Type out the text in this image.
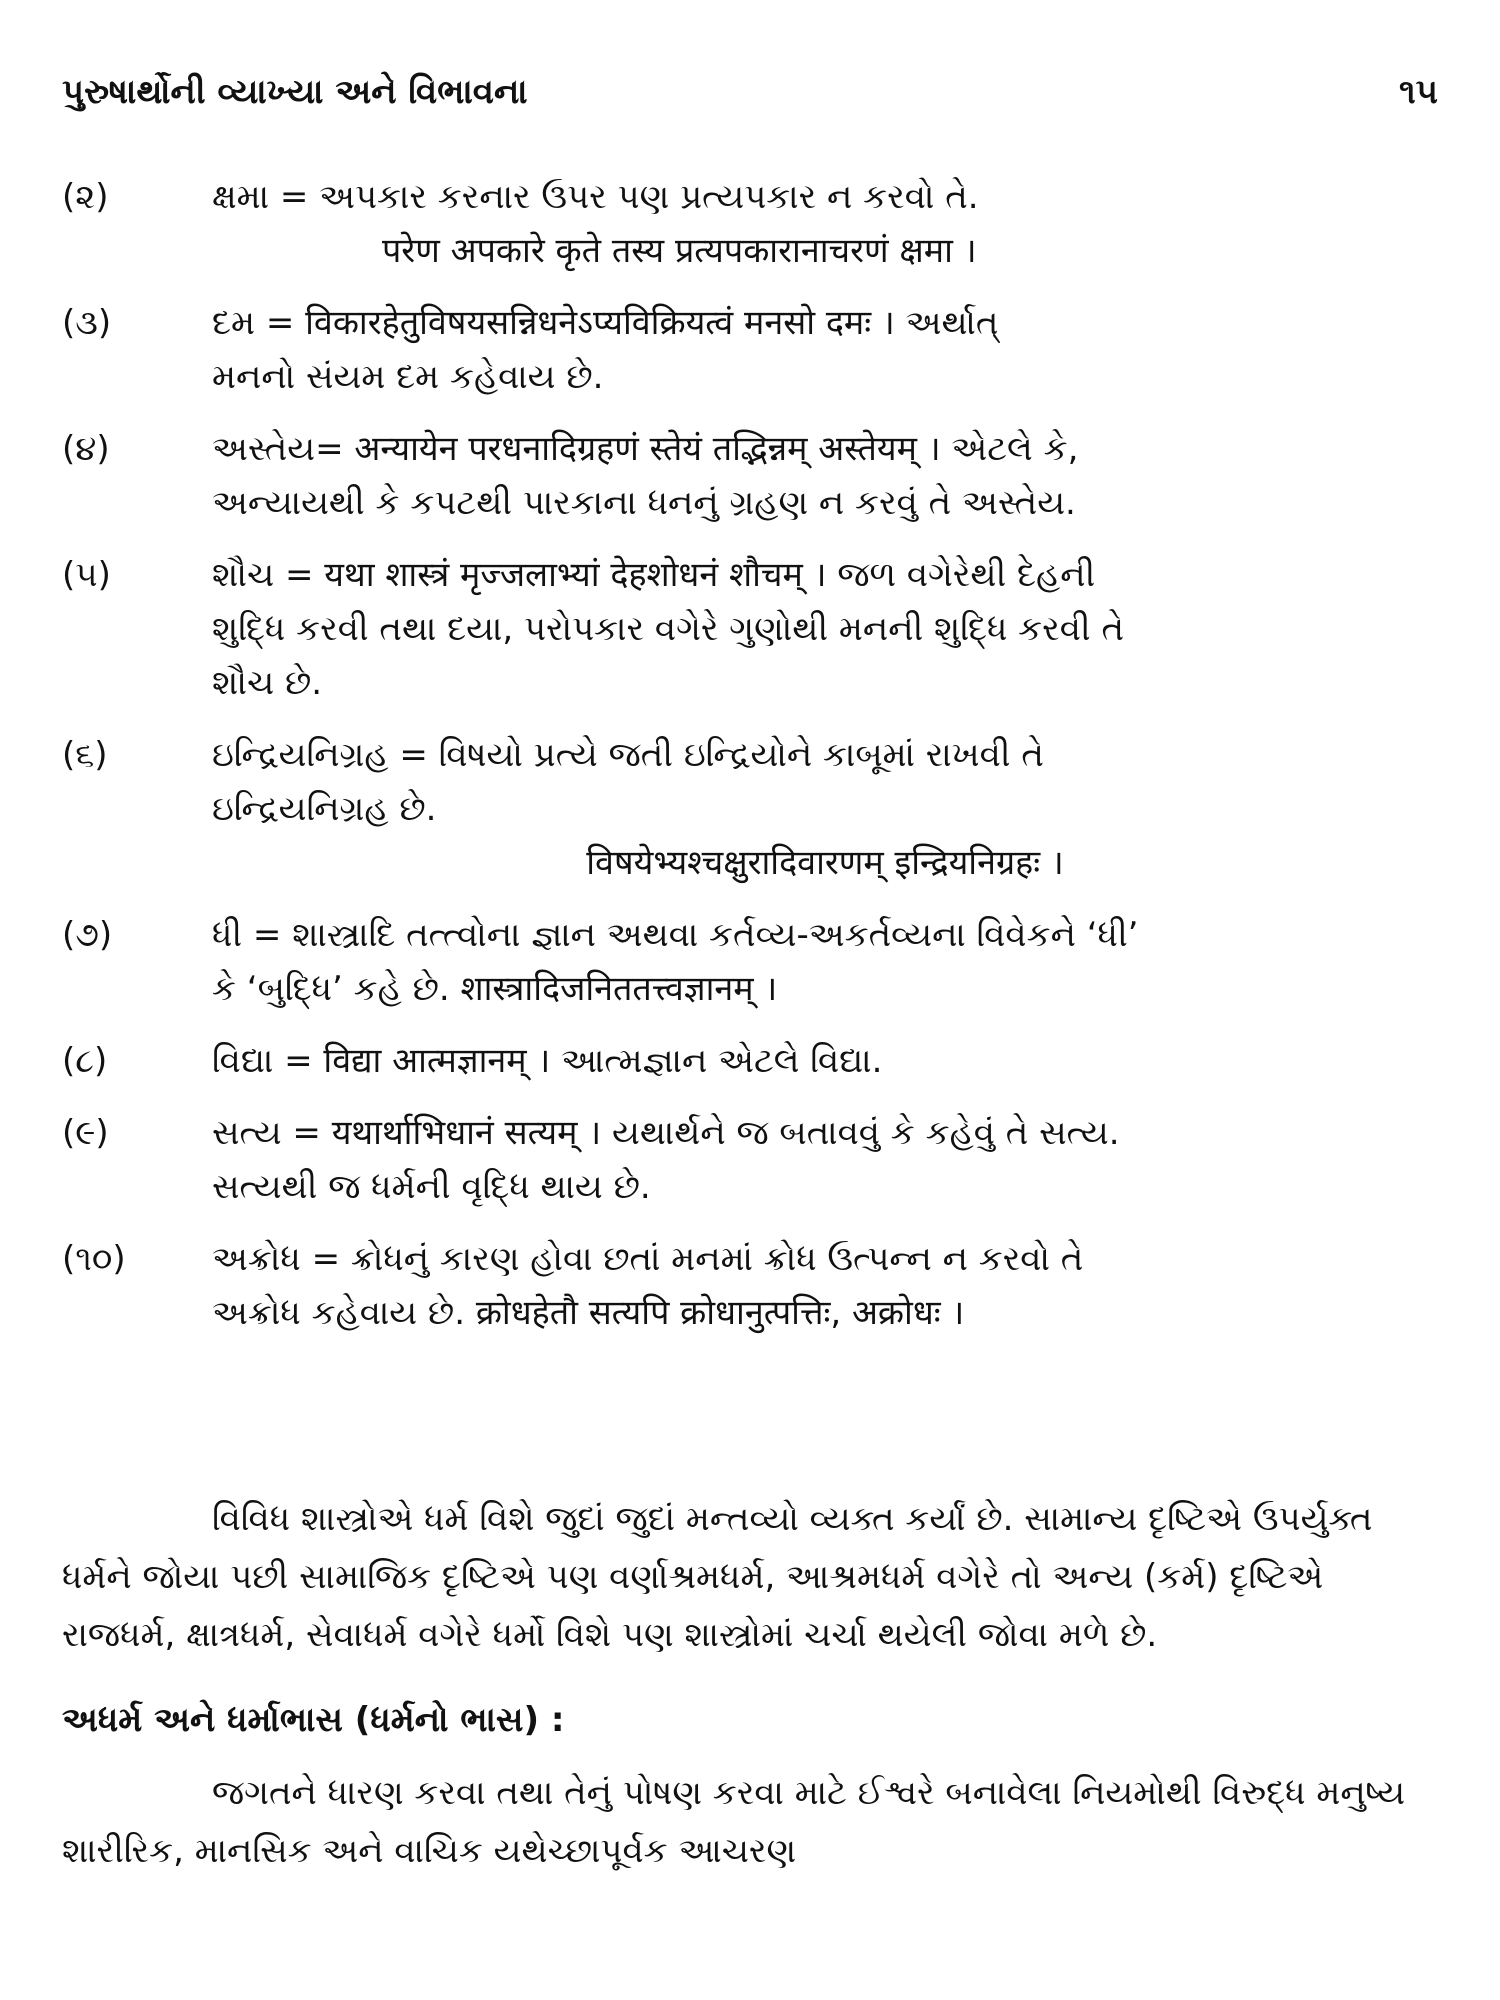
પુરુષાર્થોની વ્યાખ્યા અને વિભાવના	૧૫
(૨)	ક્ષમા = અપકાર કરનાર ઉપર પણ પ્રત્યપકાર ન કરવો તે.
परेण अपकारे कृते तस्य प्रत्यपकारानाचरणं क्षमा ।
(૩)	દમ = विकारहेतुविषयसन्निधनेऽप्यविक्रियत्वं मनसो दमः । અર્થાત્
મનનો સંયમ દમ કહેવાય છે.
(૪)	અસ્તેય= अन्यायेन परधनादिग्रहणं स्तेयं तद्भिन्नम् अस्तेयम् । એટલે કે,
અન્યાયથી કે કપટથી પારકાના ધનનું ગ્રહણ ન કરવું તે અસ્તેય.
(૫)	શૌચ = यथा शास्त्रं मृज्जलाभ्यां देहशोधनं शौचम् । જળ વગેરેથી દેહની
શુદ્ધિ કરવી તથા દયા, પરોપકાર વગેરે ગુણોથી મનની શુદ્ધિ કરવી તે
શૌચ છે.
(૬)	ઇન્દ્રિયનિગ્રહ = વિષયો પ્રત્યે જતી ઇન્દ્રિયોને કાબૂમાં રાખવી તે
ઇન્દ્રિયનિગ્રહ છે.
विषयेभ्यश्चक्षुरादिवारणम् इन्द्रियनिग्रहः ।
(૭)	ધી = શાસ્ત્રાદિ તત્ત્વોના જ્ઞાન અથવા કર્તવ્ય-અકર્તવ્યના વિવેકને ‘ધી’
કે ‘બુદ્ધિ’ કહે છે. शास्त्रादिजनिततत्त्वज्ञानम् ।
(૮)	વિદ્યા = विद्या आत्मज्ञानम् । આત્મજ્ઞાન એટલે વિદ્યા.
(૯)	સત્ય = यथार्थाभिधानं सत्यम् । યથાર્થને જ બતાવવું કે કહેવું તે સત્ય.
સત્યથી જ ધર્મની વૃદ્ધિ થાય છે.
(૧૦)	અક્રોધ = ક્રોધનું કારણ હોવા છતાં મનમાં ક્રોધ ઉત્પન્ન ન કરવો તે
અક્રોધ કહેવાય છે. क्रोधहेतौ सत्यपि क्रोधानुत्पत्तिः, अक्रोधः ।

વિવિધ શાસ્ત્રોએ ધર્મ વિશે જુદાં જુદાં મન્તવ્યો વ્યક્ત કર્યાં છે. સામાન્ય દૃષ્ટિએ ઉપર્યુક્ત ધર્મને જોયા પછી સામાજિક દૃષ્ટિએ પણ વર્ણાશ્રમધર્મ, આશ્રમધર્મ વગેરે તો અન્ય (કર્મ) દૃષ્ટિએ રાજધર્મ, ક્ષાત્રધર્મ, સેવાધર્મ વગેરે ધર્મો વિશે પણ શાસ્ત્રોમાં ચર્ચા થયેલી જોવા મળે છે.

અધર્મ અને ધર્માભાસ (ધર્મનો ભાસ) :

જગતને ધારણ કરવા તથા તેનું પોષણ કરવા માટે ઈશ્વરે બનાવેલા નિયમોથી વિરુદ્ધ મનુષ્ય શારીરિક, માનસિક અને વાચિક યથેચ્છાપૂર્વક આચરણ
